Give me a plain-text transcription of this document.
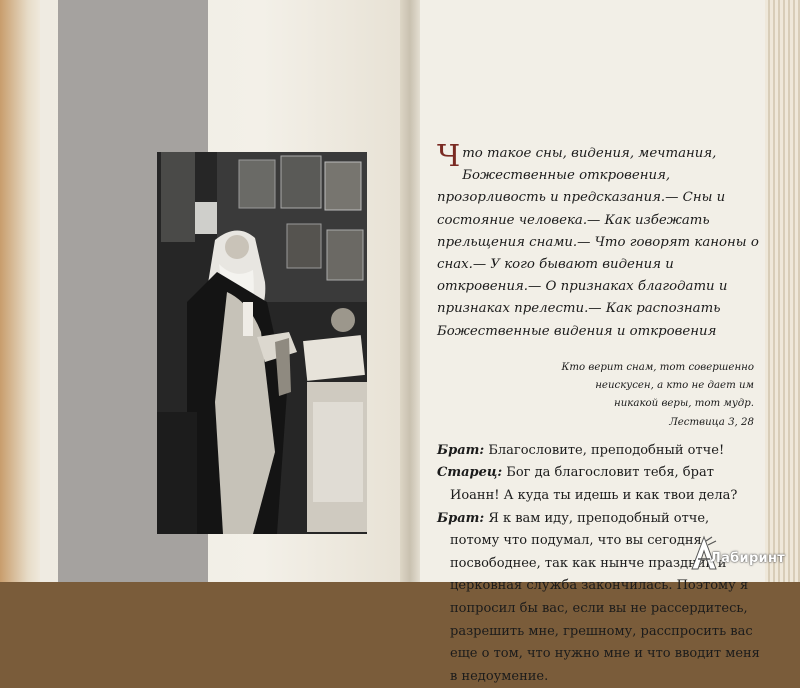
Что такое сны, видения, мечтания, Божественные откровения, прозорливость и предсказания.— Сны и состояние человека.— Как избежать прельщения снами.— Что говорят каноны о снах.— У кого бывают видения и откровения.— О признаках благодати и признаках прелести.— Как распознать Божественные видения и откровения

Кто верит снам, тот совершенно
неискусен, а кто не дает им
никакой веры, тот мудр.
Лествица 3, 28

Брат: Благословите, преподобный отче!

Старец: Бог да благословит тебя, брат Иоанн! А куда ты идешь и как твои дела?

Брат: Я к вам иду, преподобный отче, потому что подумал, что вы сегодня посвободнее, так как нынче праздник и церковная служба закончилась. Поэтому я попросил бы вас, если вы не рассердитесь, разрешить мне, грешному, расспросить вас еще о том, что нужно мне и что вводит меня в недоумение.

Лабиринт
